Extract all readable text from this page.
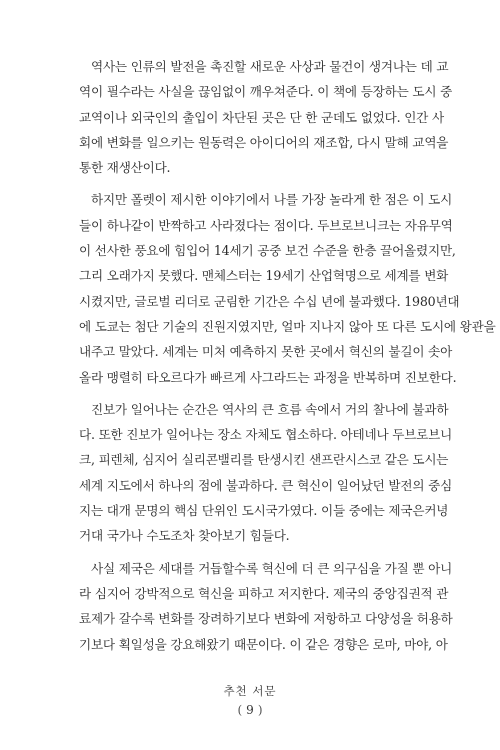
역사는 인류의 발전을 촉진할 새로운 사상과 물건이 생겨나는 데 교
역이 필수라는 사실을 끊임없이 깨우쳐준다. 이 책에 등장하는 도시 중
교역이나 외국인의 출입이 차단된 곳은 단 한 군데도 없었다. 인간 사
회에 변화를 일으키는 원동력은 아이디어의 재조합, 다시 말해 교역을
통한 재생산이다.

하지만 폴렛이 제시한 이야기에서 나를 가장 놀라게 한 점은 이 도시
들이 하나같이 반짝하고 사라졌다는 점이다. 두브로브니크는 자유무역
이 선사한 풍요에 힘입어 14세기 공중 보건 수준을 한층 끌어올렸지만,
그리 오래가지 못했다. 맨체스터는 19세기 산업혁명으로 세계를 변화
시켰지만, 글로벌 리더로 군림한 기간은 수십 년에 불과했다. 1980년대
에 도쿄는 첨단 기술의 진원지였지만, 얼마 지나지 않아 또 다른 도시에 왕관을
내주고 말았다. 세계는 미처 예측하지 못한 곳에서 혁신의 불길이 솟아
올라 맹렬히 타오르다가 빠르게 사그라드는 과정을 반복하며 진보한다.

진보가 일어나는 순간은 역사의 큰 흐름 속에서 거의 찰나에 불과하
다. 또한 진보가 일어나는 장소 자체도 협소하다. 아테네나 두브로브니
크, 피렌체, 심지어 실리콘밸리를 탄생시킨 샌프란시스코 같은 도시는
세계 지도에서 하나의 점에 불과하다. 큰 혁신이 일어났던 발전의 중심
지는 대개 문명의 핵심 단위인 도시국가였다. 이들 중에는 제국은커녕
거대 국가나 수도조차 찾아보기 힘들다.

사실 제국은 세대를 거듭할수록 혁신에 더 큰 의구심을 가질 뿐 아니
라 심지어 강박적으로 혁신을 피하고 저지한다. 제국의 중앙집권적 관
료제가 갈수록 변화를 장려하기보다 변화에 저항하고 다양성을 허용하
기보다 획일성을 강요해왔기 때문이다. 이 같은 경향은 로마, 마야, 아

추천 서문
( 9 )
